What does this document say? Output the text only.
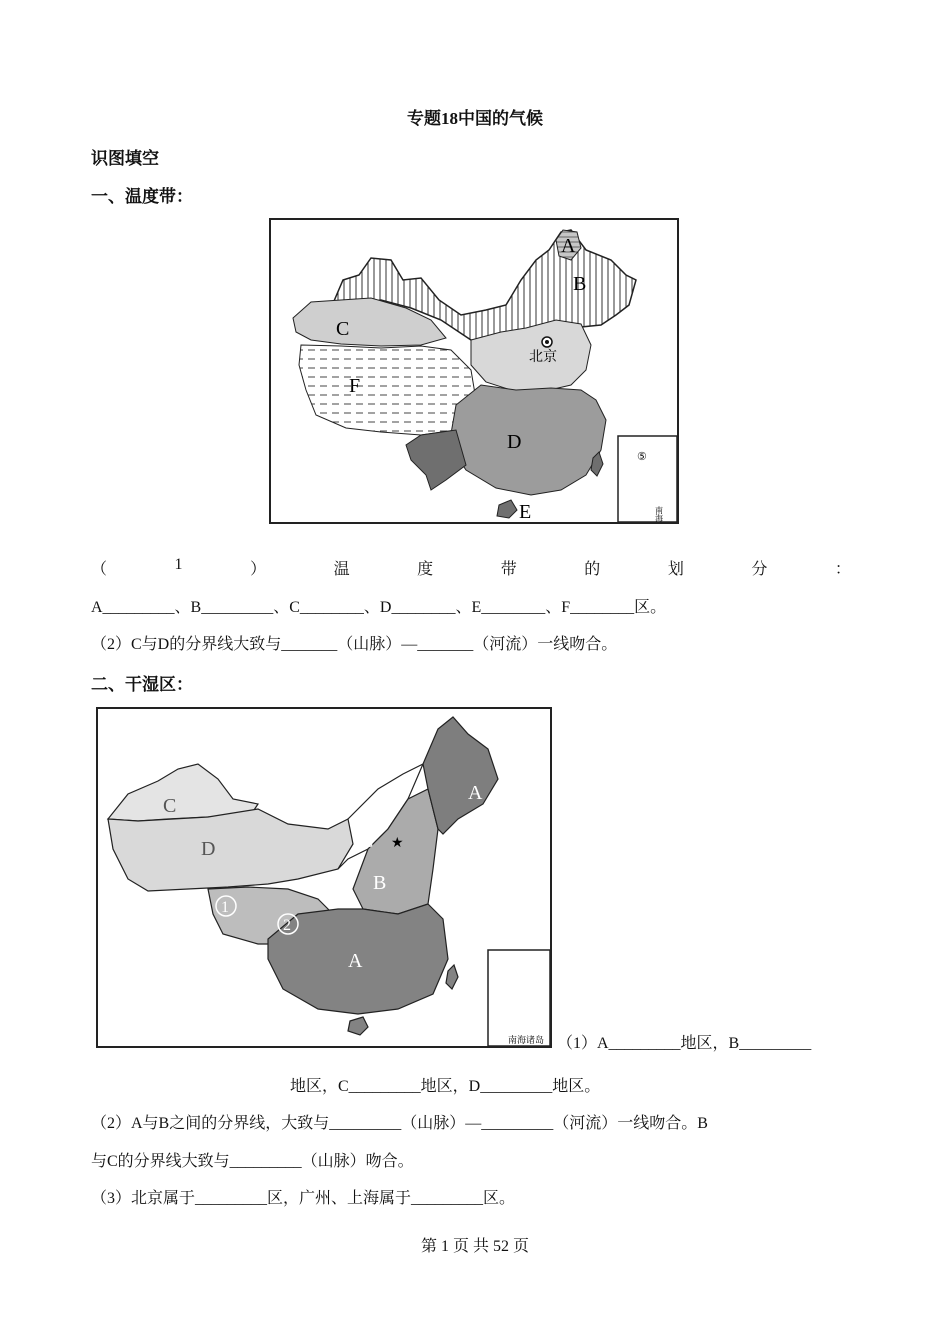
专题18中国的气候
识图填空
一、温度带：
北京
A
B
C
D
E
F
⑤
南海诸岛
（	1	）	温	度	带	的	划	分	：
A_________、B_________、C________、D________、E________、F________区。
（2）C与D的分界线大致与_______（山脉）—_______（河流）一线吻合。
二、干湿区：
★
A
B
C
D
C
A
1
2
南海诸岛 （1）A_________地区，B_________
地区，C_________地区，D_________地区。
（2）A与B之间的分界线，大致与_________（山脉）—_________（河流）一线吻合。B
与C的分界线大致与_________（山脉）吻合。
（3）北京属于_________区，广州、上海属于_________区。
第 1 页 共 52 页
